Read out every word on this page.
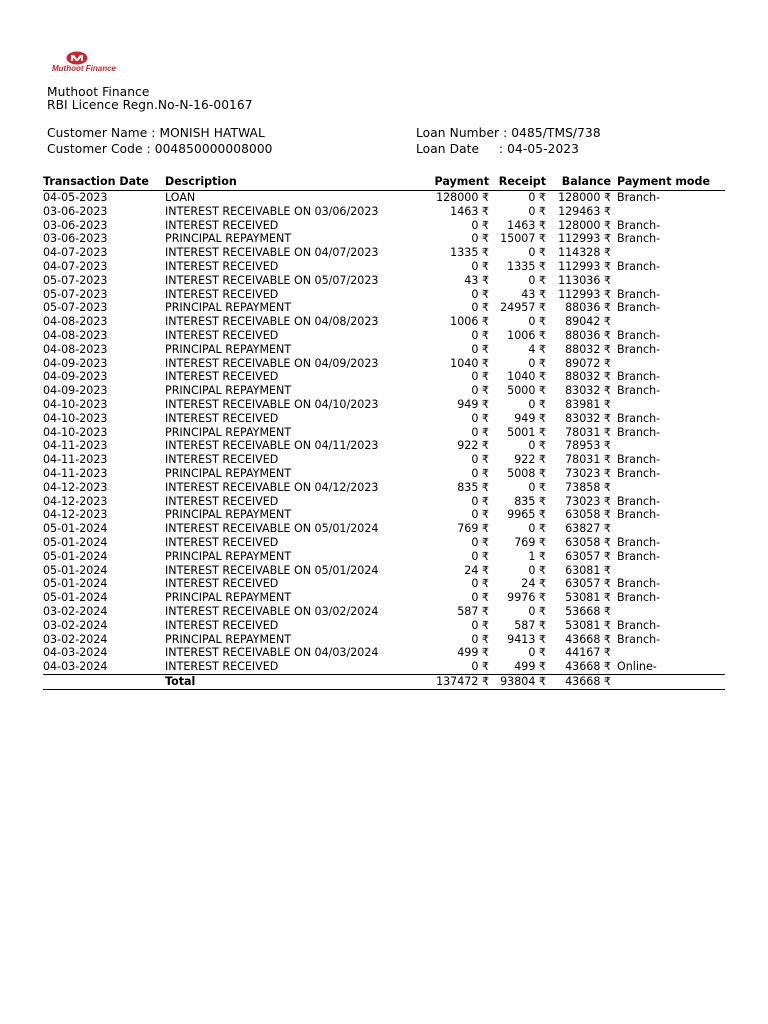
Muthoot Finance
Muthoot Finance
RBI Licence Regn.No-N-16-00167
Customer Name : MONISH HATWAL
Customer Code : 004850000008000
Loan Number : 0485/TMS/738
Loan Date     : 04-05-2023
Transaction Date	Description	Payment	Receipt	Balance	Payment mode
04-05-2023	LOAN	128000 ₹	0 ₹	128000 ₹	Branch-
03-06-2023	INTEREST RECEIVABLE ON 03/06/2023	1463 ₹	0 ₹	129463 ₹	
03-06-2023	INTEREST RECEIVED	0 ₹	1463 ₹	128000 ₹	Branch-
03-06-2023	PRINCIPAL REPAYMENT	0 ₹	15007 ₹	112993 ₹	Branch-
04-07-2023	INTEREST RECEIVABLE ON 04/07/2023	1335 ₹	0 ₹	114328 ₹	
04-07-2023	INTEREST RECEIVED	0 ₹	1335 ₹	112993 ₹	Branch-
05-07-2023	INTEREST RECEIVABLE ON 05/07/2023	43 ₹	0 ₹	113036 ₹	
05-07-2023	INTEREST RECEIVED	0 ₹	43 ₹	112993 ₹	Branch-
05-07-2023	PRINCIPAL REPAYMENT	0 ₹	24957 ₹	88036 ₹	Branch-
04-08-2023	INTEREST RECEIVABLE ON 04/08/2023	1006 ₹	0 ₹	89042 ₹	
04-08-2023	INTEREST RECEIVED	0 ₹	1006 ₹	88036 ₹	Branch-
04-08-2023	PRINCIPAL REPAYMENT	0 ₹	4 ₹	88032 ₹	Branch-
04-09-2023	INTEREST RECEIVABLE ON 04/09/2023	1040 ₹	0 ₹	89072 ₹	
04-09-2023	INTEREST RECEIVED	0 ₹	1040 ₹	88032 ₹	Branch-
04-09-2023	PRINCIPAL REPAYMENT	0 ₹	5000 ₹	83032 ₹	Branch-
04-10-2023	INTEREST RECEIVABLE ON 04/10/2023	949 ₹	0 ₹	83981 ₹	
04-10-2023	INTEREST RECEIVED	0 ₹	949 ₹	83032 ₹	Branch-
04-10-2023	PRINCIPAL REPAYMENT	0 ₹	5001 ₹	78031 ₹	Branch-
04-11-2023	INTEREST RECEIVABLE ON 04/11/2023	922 ₹	0 ₹	78953 ₹	
04-11-2023	INTEREST RECEIVED	0 ₹	922 ₹	78031 ₹	Branch-
04-11-2023	PRINCIPAL REPAYMENT	0 ₹	5008 ₹	73023 ₹	Branch-
04-12-2023	INTEREST RECEIVABLE ON 04/12/2023	835 ₹	0 ₹	73858 ₹	
04-12-2023	INTEREST RECEIVED	0 ₹	835 ₹	73023 ₹	Branch-
04-12-2023	PRINCIPAL REPAYMENT	0 ₹	9965 ₹	63058 ₹	Branch-
05-01-2024	INTEREST RECEIVABLE ON 05/01/2024	769 ₹	0 ₹	63827 ₹	
05-01-2024	INTEREST RECEIVED	0 ₹	769 ₹	63058 ₹	Branch-
05-01-2024	PRINCIPAL REPAYMENT	0 ₹	1 ₹	63057 ₹	Branch-
05-01-2024	INTEREST RECEIVABLE ON 05/01/2024	24 ₹	0 ₹	63081 ₹	
05-01-2024	INTEREST RECEIVED	0 ₹	24 ₹	63057 ₹	Branch-
05-01-2024	PRINCIPAL REPAYMENT	0 ₹	9976 ₹	53081 ₹	Branch-
03-02-2024	INTEREST RECEIVABLE ON 03/02/2024	587 ₹	0 ₹	53668 ₹	
03-02-2024	INTEREST RECEIVED	0 ₹	587 ₹	53081 ₹	Branch-
03-02-2024	PRINCIPAL REPAYMENT	0 ₹	9413 ₹	43668 ₹	Branch-
04-03-2024	INTEREST RECEIVABLE ON 04/03/2024	499 ₹	0 ₹	44167 ₹	
04-03-2024	INTEREST RECEIVED	0 ₹	499 ₹	43668 ₹	Online-
	Total	137472 ₹	93804 ₹	43668 ₹	
